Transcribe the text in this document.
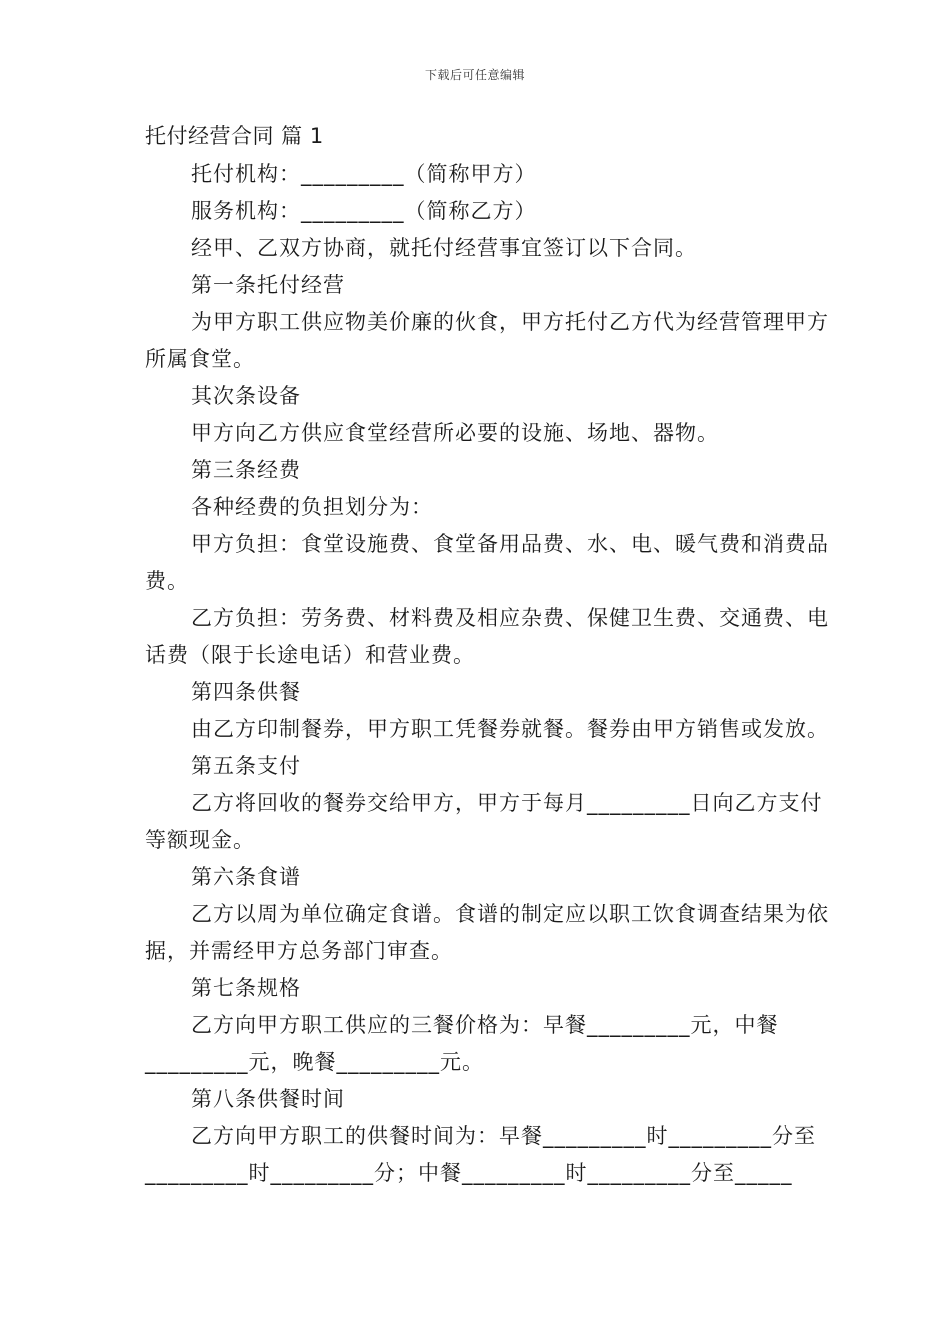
下载后可任意编辑

托付经营合同 篇 1

托付机构：_________（简称甲方）

服务机构：_________（简称乙方）

经甲、乙双方协商，就托付经营事宜签订以下合同。

第一条托付经营

为甲方职工供应物美价廉的伙食，甲方托付乙方代为经营管理甲方所属食堂。

其次条设备

甲方向乙方供应食堂经营所必要的设施、场地、器物。

第三条经费

各种经费的负担划分为：

甲方负担：食堂设施费、食堂备用品费、水、电、暖气费和消费品费。

乙方负担：劳务费、材料费及相应杂费、保健卫生费、交通费、电话费（限于长途电话）和营业费。

第四条供餐

由乙方印制餐券，甲方职工凭餐券就餐。餐券由甲方销售或发放。

第五条支付

乙方将回收的餐券交给甲方，甲方于每月_________日向乙方支付等额现金。

第六条食谱

乙方以周为单位确定食谱。食谱的制定应以职工饮食调查结果为依据，并需经甲方总务部门审查。

第七条规格

乙方向甲方职工供应的三餐价格为：早餐_________元，中餐_________元，晚餐_________元。

第八条供餐时间

乙方向甲方职工的供餐时间为：早餐_________时_________分至_________时_________分；中餐_________时_________分至_____
